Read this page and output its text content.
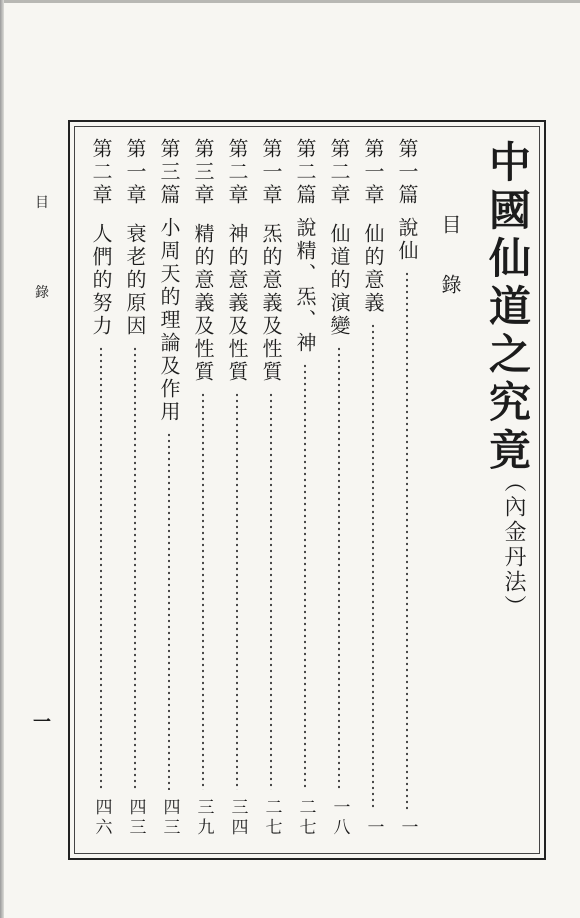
目
錄
一
中國仙道之究竟
︵內金丹法︶
目錄
第一篇
說仙
一
第一章
仙的意義
一
第二章
仙道的演變
一八
第二篇
說精、炁、神
二七
第一章
炁的意義及性質
二七
第二章
神的意義及性質
三四
第三章
精的意義及性質
三九
第三篇
小周天的理論及作用
四三
第一章
衰老的原因
四三
第二章
人們的努力
四六
